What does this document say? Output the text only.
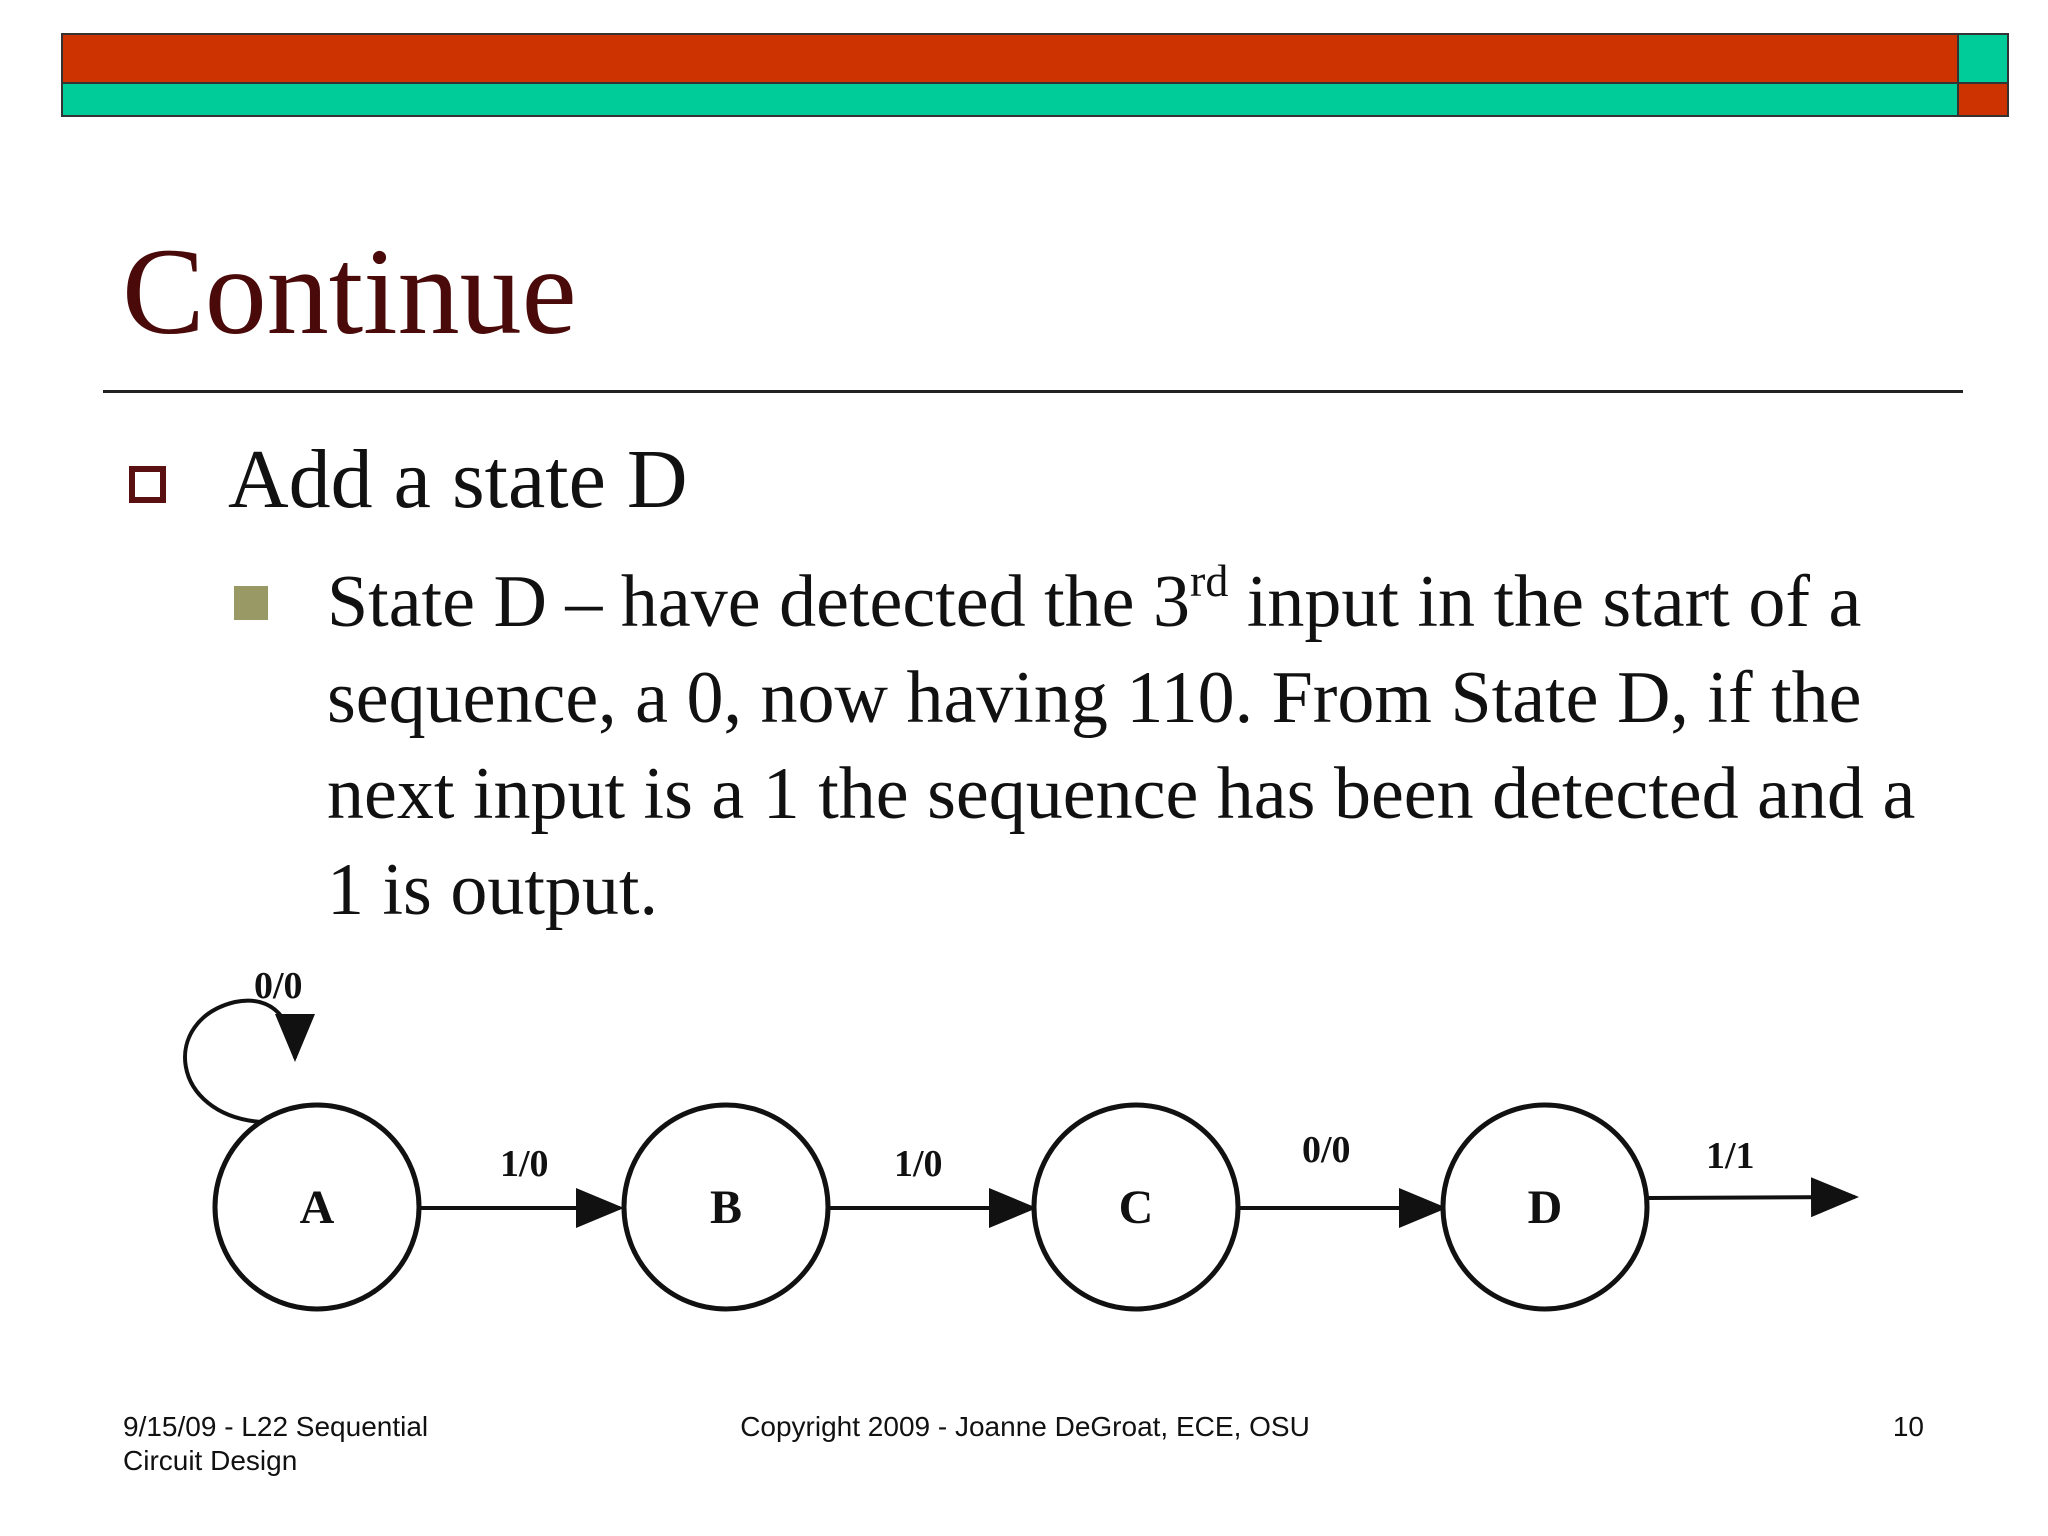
Continue
Add a state D
State D – have detected the 3rd input in the start of a sequence, a 0, now having 110. From State D, if the next input is a 1 the sequence has been detected and a 1 is output.
0/0
1/0	1/0	0/0	1/1
A	B	C	D
9/15/09 - L22 Sequential Circuit Design
Copyright 2009 - Joanne DeGroat, ECE, OSU	10
